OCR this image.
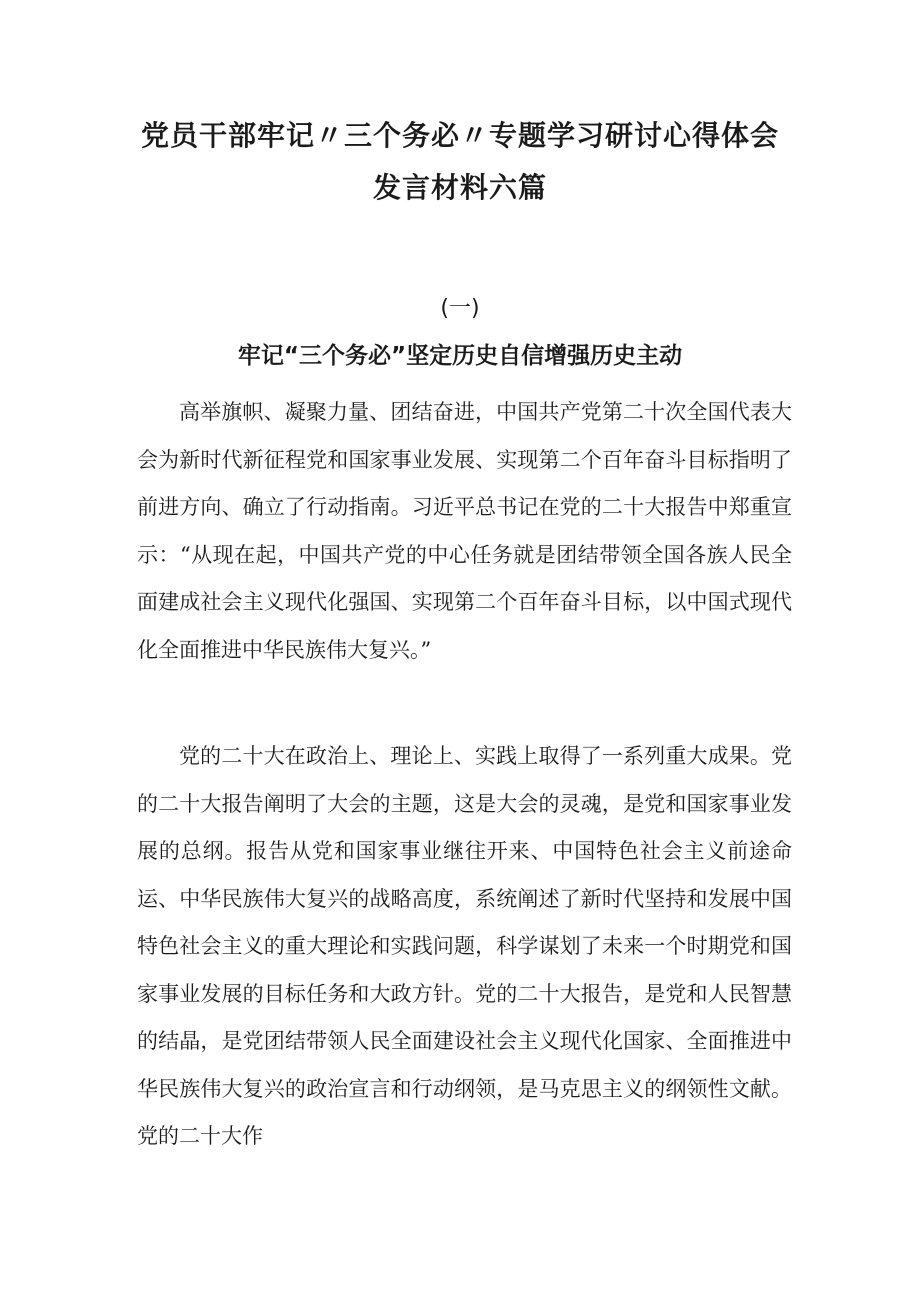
党员干部牢记〃三个务必〃专题学习研讨心得体会
发言材料六篇
(一)
牢记“三个务必”坚定历史自信增强历史主动

高举旗帜、凝聚力量、团结奋进，中国共产党第二十次全国代表大会为新时代新征程党和国家事业发展、实现第二个百年奋斗目标指明了前进方向、确立了行动指南。习近平总书记在党的二十大报告中郑重宣示：“从现在起，中国共产党的中心任务就是团结带领全国各族人民全面建成社会主义现代化强国、实现第二个百年奋斗目标，以中国式现代化全面推进中华民族伟大复兴。”

党的二十大在政治上、理论上、实践上取得了一系列重大成果。党的二十大报告阐明了大会的主题，这是大会的灵魂，是党和国家事业发展的总纲。报告从党和国家事业继往开来、中国特色社会主义前途命运、中华民族伟大复兴的战略高度，系统阐述了新时代坚持和发展中国特色社会主义的重大理论和实践问题，科学谋划了未来一个时期党和国家事业发展的目标任务和大政方针。党的二十大报告，是党和人民智慧的结晶，是党团结带领人民全面建设社会主义现代化国家、全面推进中华民族伟大复兴的政治宣言和行动纲领，是马克思主义的纲领性文献。党的二十大作
